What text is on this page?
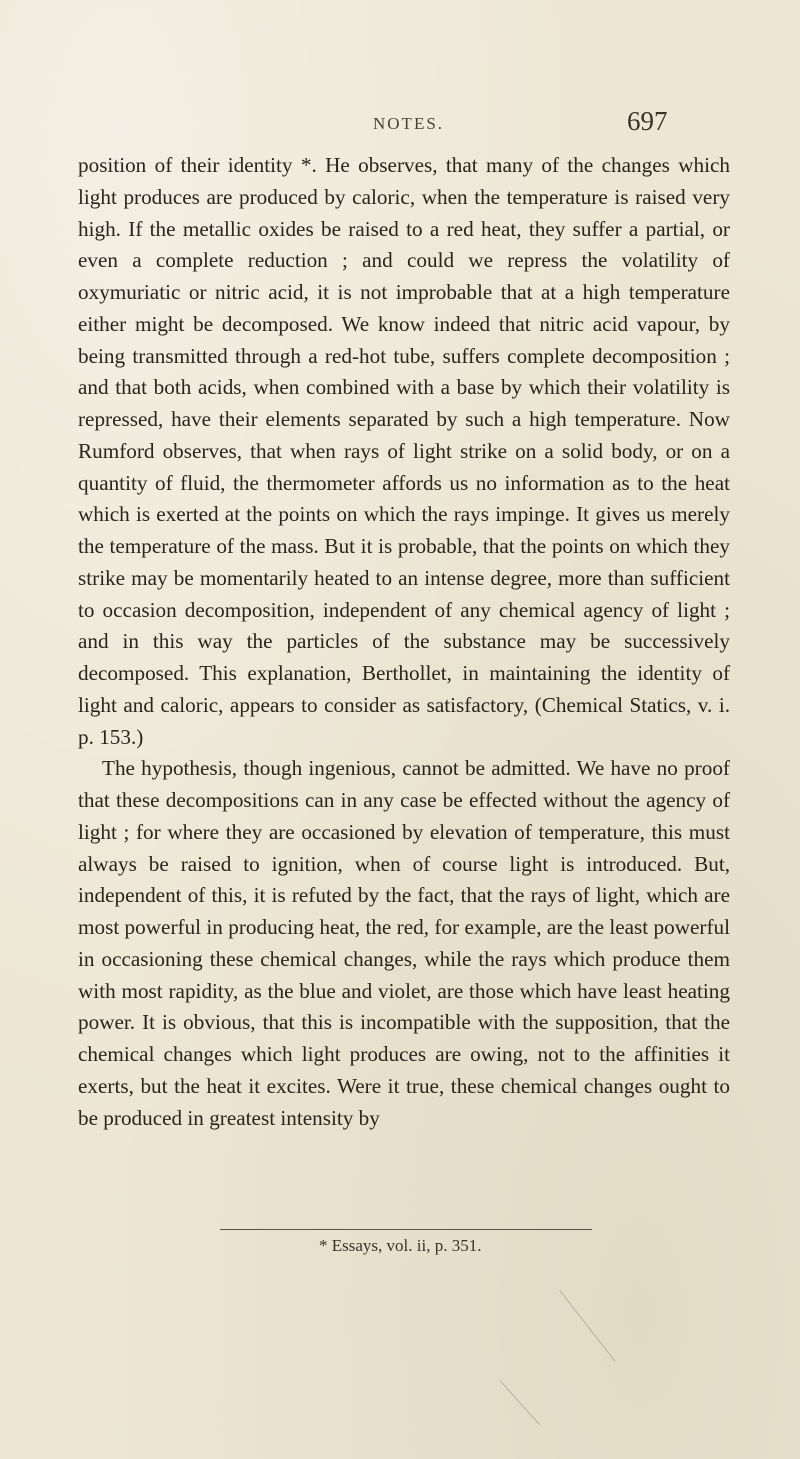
NOTES.	697

position of their identity *. He observes, that many of the changes which light produces are produced by caloric, when the temperature is raised very high. If the metallic oxides be raised to a red heat, they suffer a partial, or even a complete reduction ; and could we repress the volatility of oxymuriatic or nitric acid, it is not improbable that at a high temperature either might be decomposed. We know indeed that nitric acid vapour, by being transmitted through a red-hot tube, suffers complete decomposition ; and that both acids, when combined with a base by which their volatility is repressed, have their elements separated by such a high temperature. Now Rumford observes, that when rays of light strike on a solid body, or on a quantity of fluid, the thermometer affords us no information as to the heat which is exerted at the points on which the rays impinge. It gives us merely the temperature of the mass. But it is probable, that the points on which they strike may be momentarily heated to an intense degree, more than sufficient to occasion decomposition, independent of any chemical agency of light ; and in this way the particles of the substance may be successively decomposed. This explanation, Berthollet, in maintaining the identity of light and caloric, appears to consider as satisfactory, (Chemical Statics, v. i. p. 153.)

The hypothesis, though ingenious, cannot be admitted. We have no proof that these decompositions can in any case be effected without the agency of light ; for where they are occasioned by elevation of temperature, this must always be raised to ignition, when of course light is introduced. But, independent of this, it is refuted by the fact, that the rays of light, which are most powerful in producing heat, the red, for example, are the least powerful in occasioning these chemical changes, while the rays which produce them with most rapidity, as the blue and violet, are those which have least heating power. It is obvious, that this is incompatible with the supposition, that the chemical changes which light produces are owing, not to the affinities it exerts, but the heat it excites. Were it true, these chemical changes ought to be produced in greatest intensity by

* Essays, vol. ii, p. 351.
